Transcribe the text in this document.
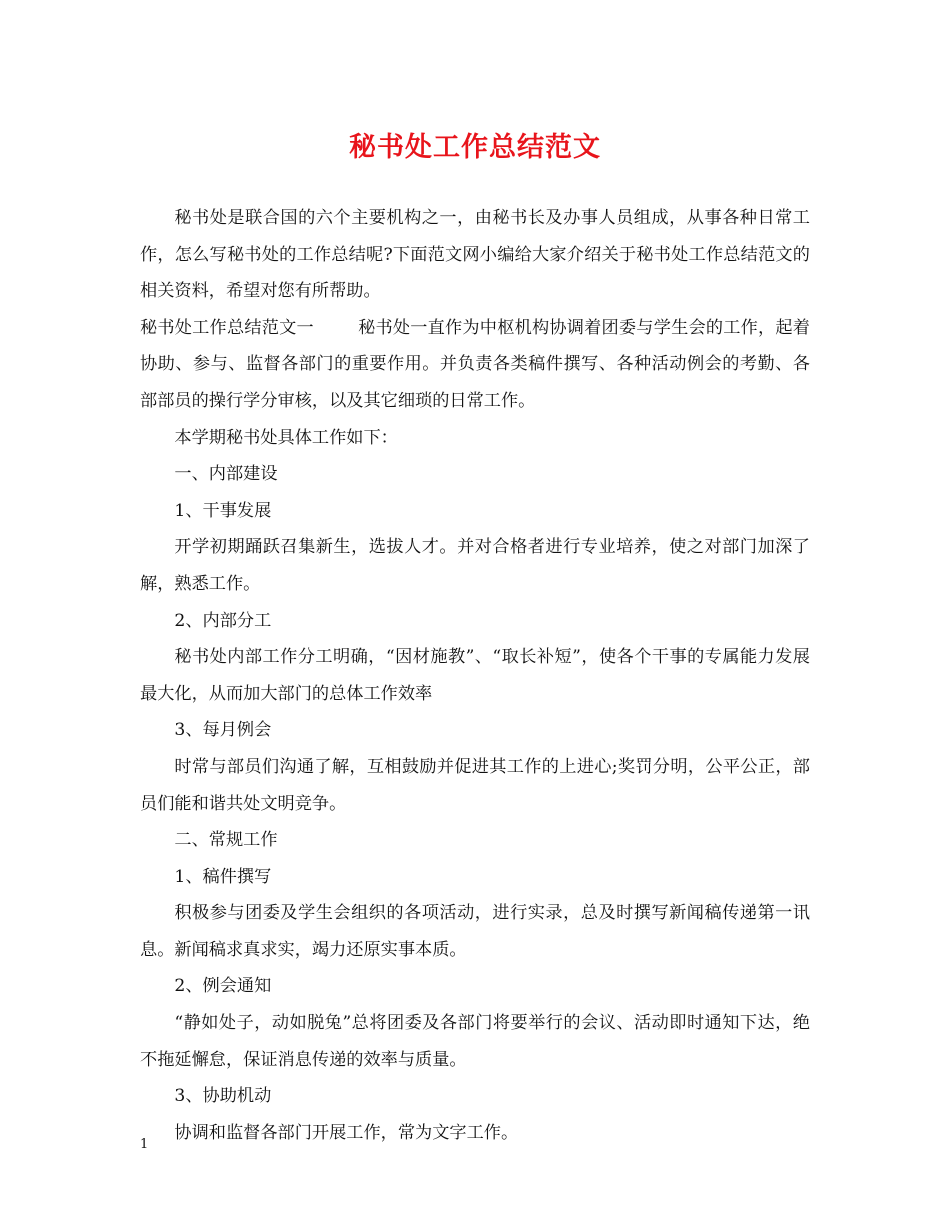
秘书处工作总结范文

秘书处是联合国的六个主要机构之一，由秘书长及办事人员组成，从事各种日常工作，怎么写秘书处的工作总结呢?下面范文网小编给大家介绍关于秘书处工作总结范文的相关资料，希望对您有所帮助。

秘书处工作总结范文一	秘书处一直作为中枢机构协调着团委与学生会的工作，起着协助、参与、监督各部门的重要作用。并负责各类稿件撰写、各种活动例会的考勤、各部部员的操行学分审核，以及其它细琐的日常工作。

本学期秘书处具体工作如下：

一、内部建设

1、干事发展

开学初期踊跃召集新生，选拔人才。并对合格者进行专业培养，使之对部门加深了解，熟悉工作。

2、内部分工

秘书处内部工作分工明确，“因材施教”、“取长补短”，使各个干事的专属能力发展最大化，从而加大部门的总体工作效率

3、每月例会

时常与部员们沟通了解，互相鼓励并促进其工作的上进心;奖罚分明，公平公正，部员们能和谐共处文明竞争。

二、常规工作

1、稿件撰写

积极参与团委及学生会组织的各项活动，进行实录，总及时撰写新闻稿传递第一讯息。新闻稿求真求实，竭力还原实事本质。

2、例会通知

“静如处子，动如脱兔”总将团委及各部门将要举行的会议、活动即时通知下达，绝不拖延懈怠，保证消息传递的效率与质量。

3、协助机动

协调和监督各部门开展工作，常为文字工作。

1
